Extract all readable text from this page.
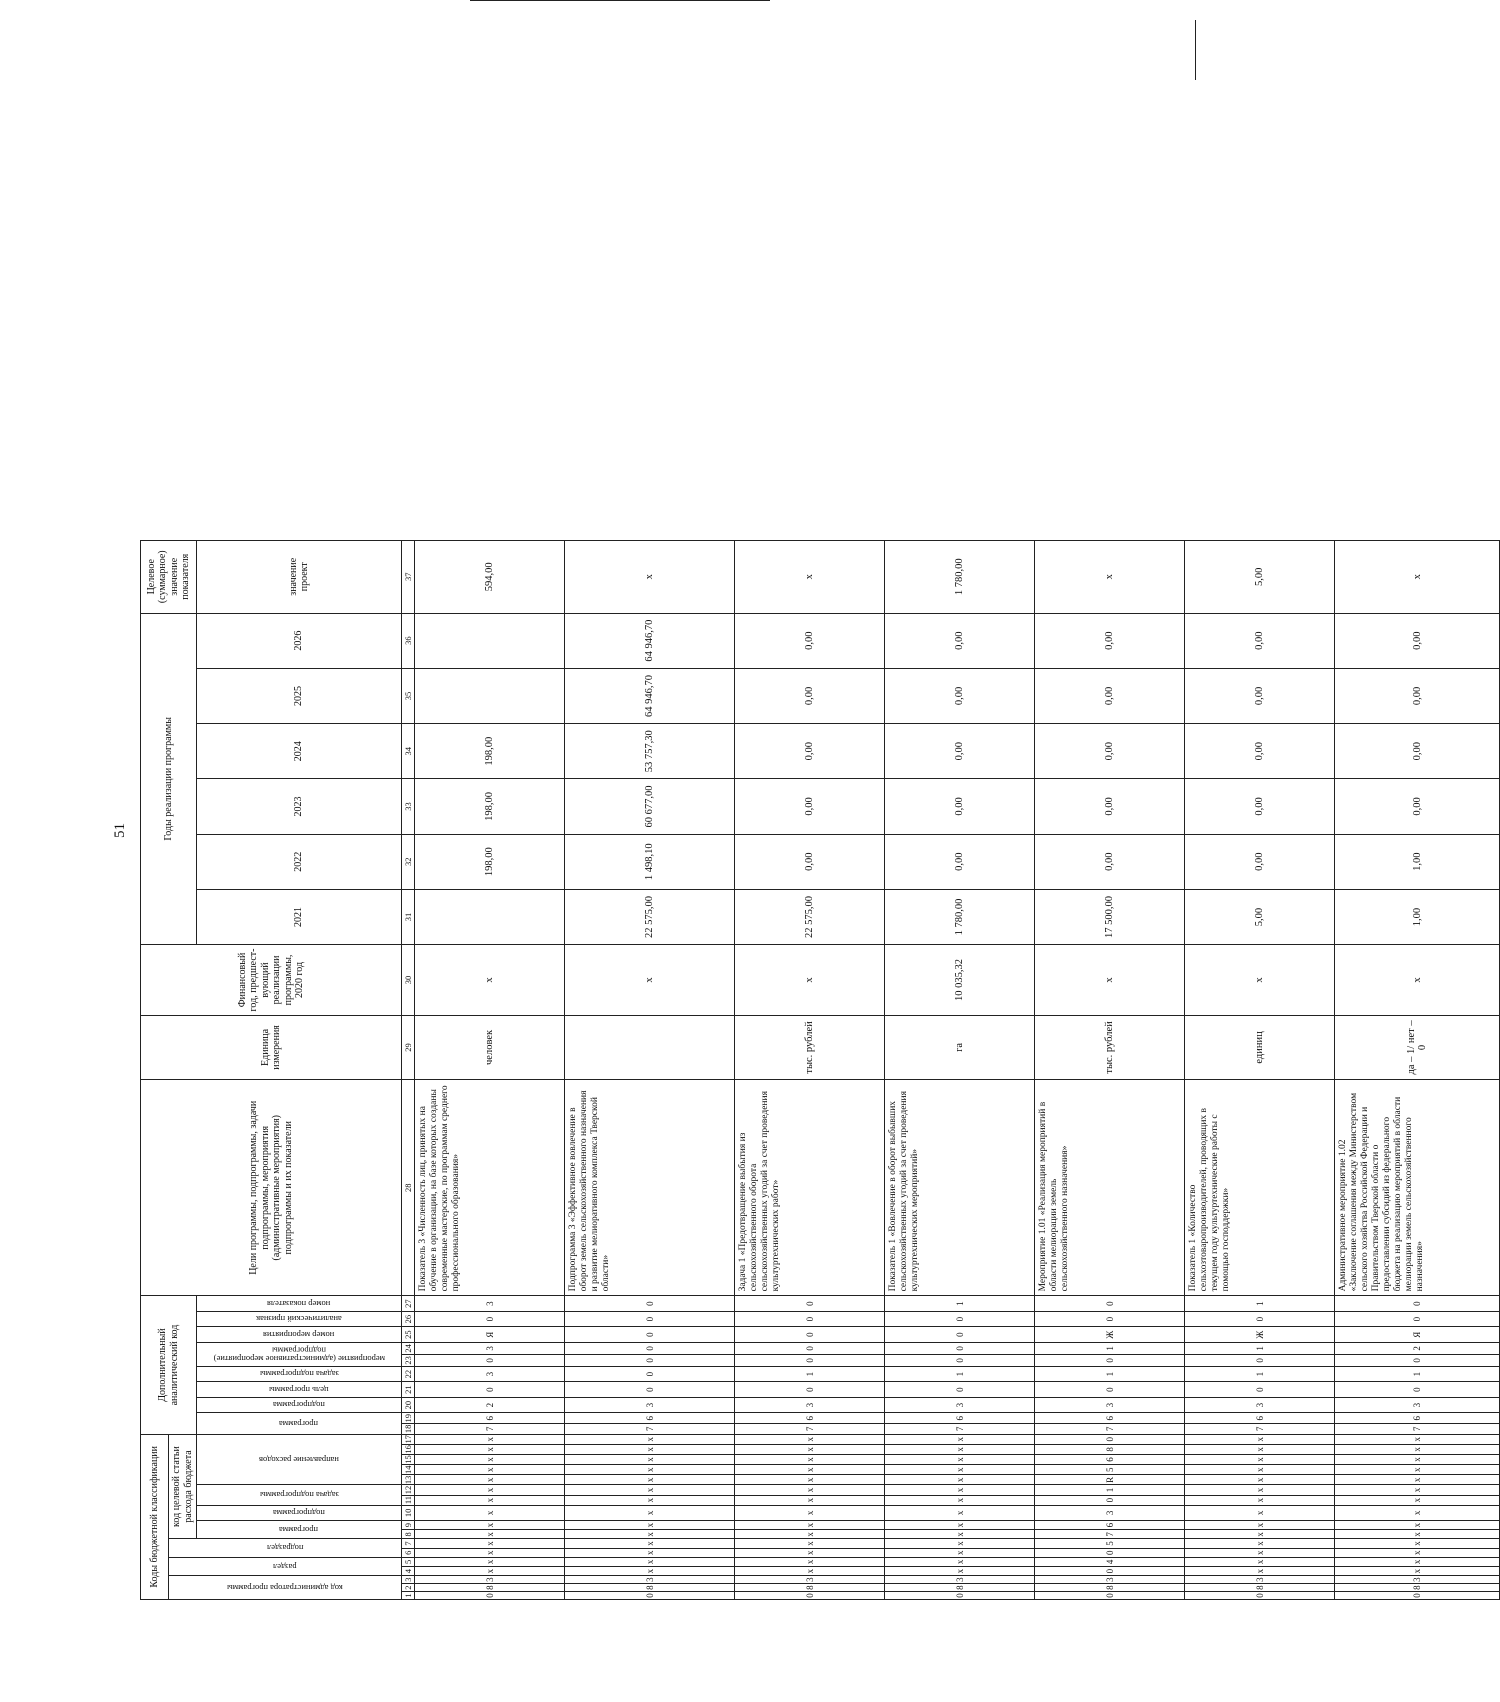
51
Коды бюджетной классификации																	Дополнительный аналитический код										Цели программы, подпрограммы, задачи подпрограммы, мероприятия (административные мероприятия) подпрограммы и их показатели	Единица измерения	Финансовый год, предшест-вующий реализации программы, 2020 год	Годы реализации программы						Целевое (суммарное) значение показателя

код администратора программы			раздел		подраздел		код целевой статьи расхода бюджета																													

							программа		подпрограмма	задача подпрограммы		направление расходов					программа		подпрограмма	цель программы	задача подпрограммы	мероприятие (административное мероприятие) подпрограммы		номер мероприятия	аналитический признак	номер показателя				2021	2022	2023	2024	2025	2026	значение проект

1	2	3	4	5	6	7	8	9	10	11	12	13	14	15	16	17	18	19	20	21	22	23	24	25	26	27	28	29	30	31	32	33	34	35	36	37
0	8	3	х	х	х	х	х	х	х	х	х	х	х	х	х	х	7	6	2	0	3	0	3	Я	0	3	Показатель 3 «Численность лиц, принятых на обучение в организации, на базе которых созданы современные мастерские, по программам среднего профессионального образования»	человек	х		198,00	198,00	198,00			594,00
0	8	3	х	х	х	х	х	х	х	х	х	х	х	х	х	х	7	6	3	0	0	0	0	0	0	0	Подпрограмма 3 «Эффективное вовлечение в оборот земель сельскохозяйственного назначения и развитие мелиоративного комплекса Тверской области»		х	22 575,00	1 498,10	60 677,00	53 757,30	64 946,70	64 946,70	х
0	8	3	х	х	х	х	х	х	х	х	х	х	х	х	х	х	7	6	3	0	1	0	0	0	0	0	Задача 1 «Предотвращение выбытия из сельскохозяйственного оборота сельскохозяйственных угодий за счет проведения культуртехнических работ»	тыс. рублей	х	22 575,00	0,00	0,00	0,00	0,00	0,00	х
0	8	3	х	х	х	х	х	х	х	х	х	х	х	х	х	х	7	6	3	0	1	0	0	0	0	1	Показатель 1 «Вовлечение в оборот выбывших сельскохозяйственных угодий за счет проведения культуртехнических мероприятий»	га	10 035,32	1 780,00	0,00	0,00	0,00	0,00	0,00	1 780,00
0	8	3	0	4	0	5	7	6	3	0	1	R	5	6	8	0	7	6	3	0	1	0	1	Ж	0	0	Мероприятие 1.01 «Реализация мероприятий в области мелиорации земель сельскохозяйственного назначения»	тыс. рублей	х	17 500,00	0,00	0,00	0,00	0,00	0,00	х
0	8	3	х	х	х	х	х	х	х	х	х	х	х	х	х	х	7	6	3	0	1	0	1	Ж	0	1	Показатель 1 «Количество сельхозтоваропроизводителей, проводящих в текущем году культуртехнические работы с помощью господдержки»	единиц	х	5,00	0,00	0,00	0,00	0,00	0,00	5,00
0	8	3	х	х	х	х	х	х	х	х	х	х	х	х	х	х	7	6	3	0	1	0	2	Я	0	0	Административное мероприятие 1.02 «Заключение соглашения между Министерством сельского хозяйства Российской Федерации и Правительством Тверской области о предоставлении субсидий из федерального бюджета на реализацию мероприятий в области мелиорации земель сельскохозяйственного назначения»	да – 1/ нет – 0	х	1,00	1,00	0,00	0,00	0,00	0,00	х
